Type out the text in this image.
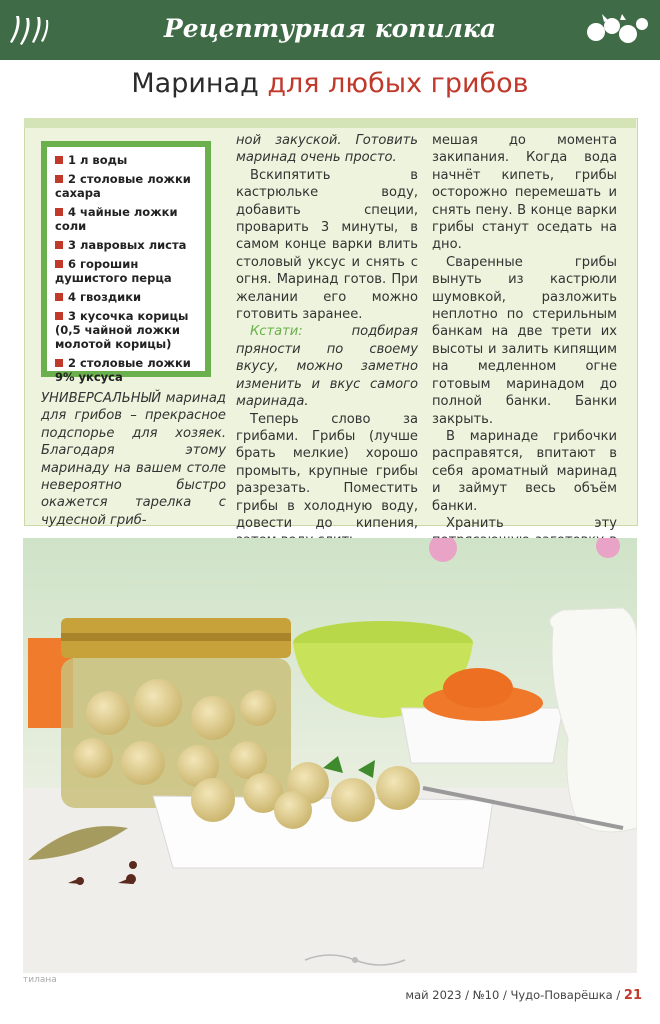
Рецептурная копилка
Маринад для любых грибов
1 л воды
2 столовые ложки сахара
4 чайные ложки соли
3 лавровых листа
6 горошин душистого перца
4 гвоздики
3 кусочка корицы (0,5 чайной ложки молотой корицы)
2 столовые ложки 9% уксуса

УНИВЕРСАЛЬНЫЙ маринад для грибов – прекрасное подспорье для хозяек. Благодаря этому маринаду на вашем столе невероятно быстро окажется тарелка с чудесной гриб-

ной закуской. Готовить маринад очень просто.

Вскипятить в кастрюльке воду, добавить специи, проварить 3 минуты, в самом конце варки влить столовый уксус и снять с огня. Маринад готов. При желании его можно готовить заранее.

Кстати:	подбирая пряности по своему вкусу, можно заметно изменить и вкус самого маринада.

Теперь слово за грибами. Грибы (лучше брать мелкие) хорошо промыть, крупные грибы разрезать. Поместить грибы в холодную воду, довести до кипения,

мешая до момента закипания. Когда вода начнёт кипеть, грибы осторожно перемешать и снять пену. В конце варки грибы станут оседать на дно.

Сваренные грибы вынуть из кастрюли шумовкой, разложить неплотно по стерильным банкам на две трети их высоты и залить кипящим на медленном огне готовым маринадом до полной банки. Банки закрыть.

В маринаде грибочки расправятся, впитают в себя ароматный маринад и займут весь объём банки.

Хранить эту

тилана
май 2023 / №10 / Чудо-Поварёшка / 21
